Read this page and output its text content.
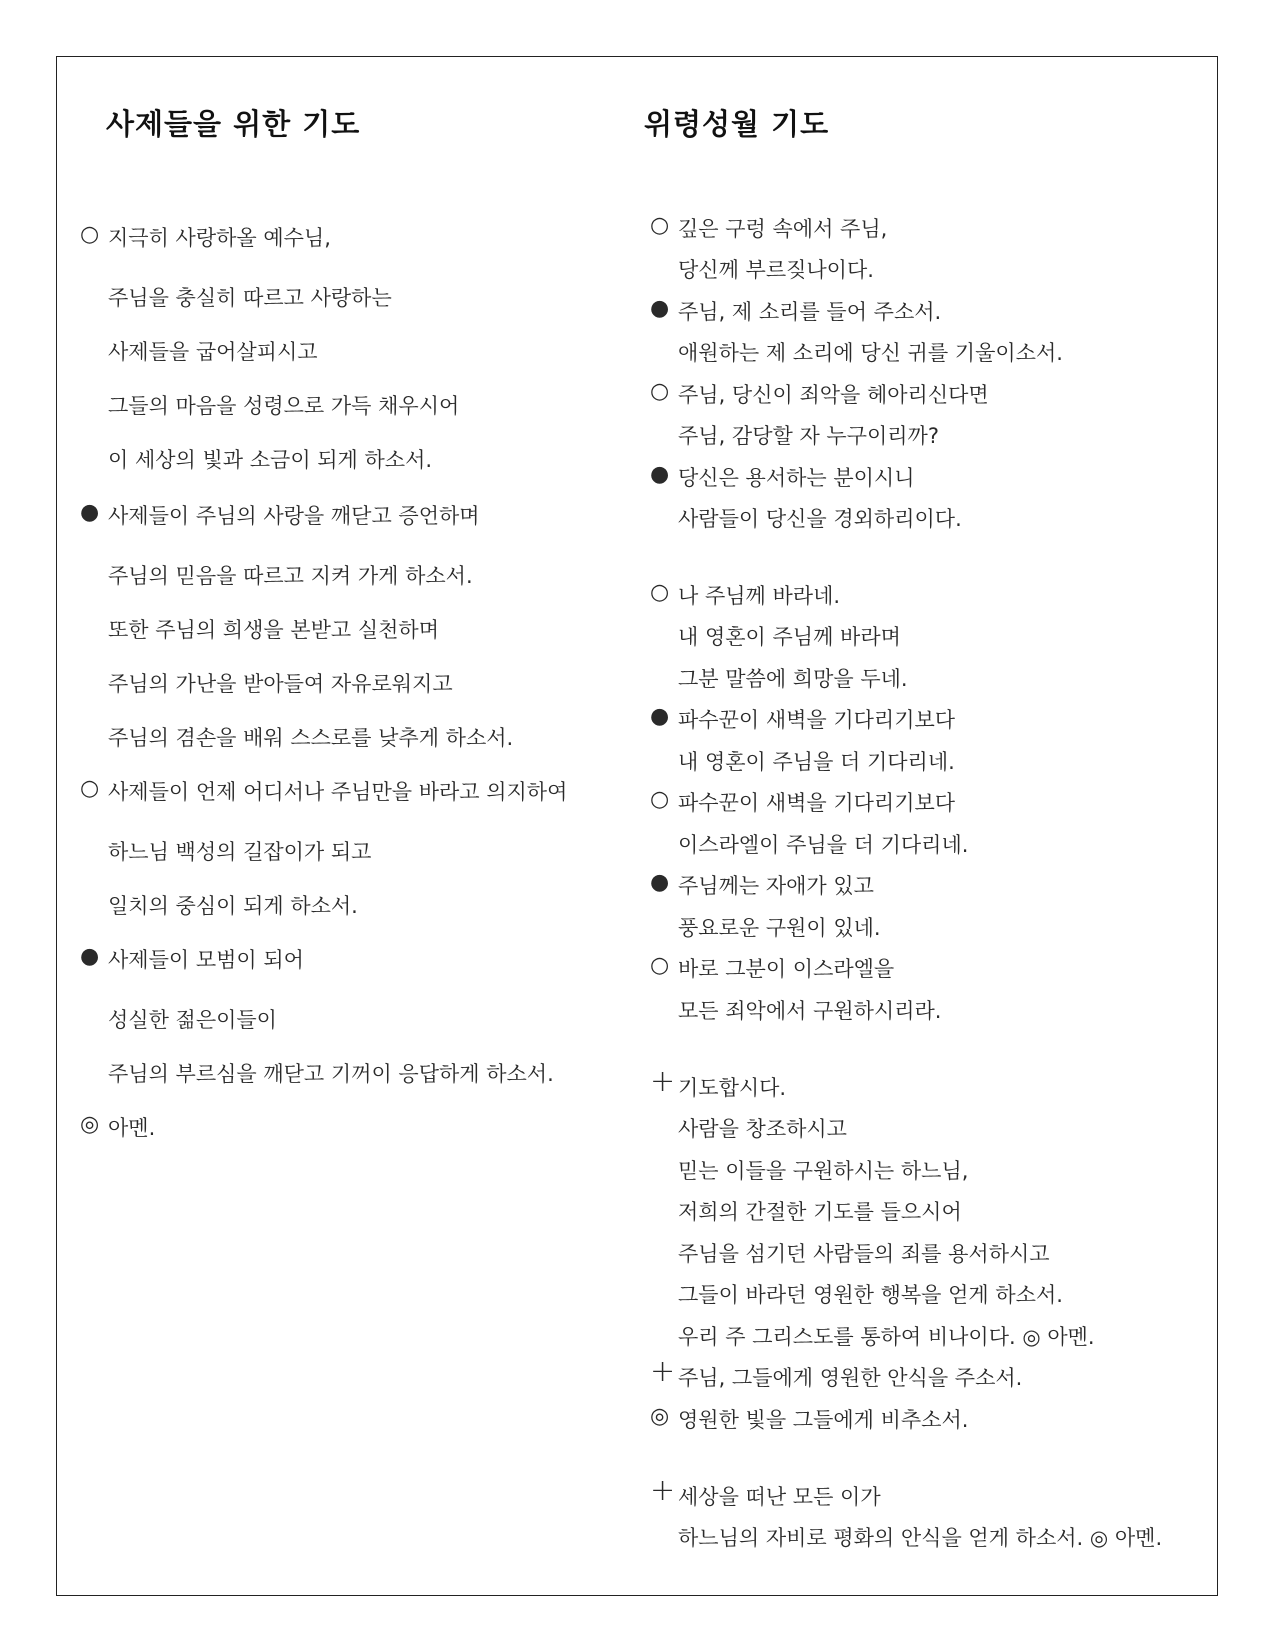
사제들을 위한 기도	위령성월 기도
○ 지극히 사랑하올 예수님,
주님을 충실히 따르고 사랑하는
사제들을 굽어살피시고
그들의 마음을 성령으로 가득 채우시어
이 세상의 빛과 소금이 되게 하소서.
● 사제들이 주님의 사랑을 깨닫고 증언하며
주님의 믿음을 따르고 지켜 가게 하소서.
또한 주님의 희생을 본받고 실천하며
주님의 가난을 받아들여 자유로워지고
주님의 겸손을 배워 스스로를 낮추게 하소서.
○ 사제들이 언제 어디서나 주님만을 바라고 의지하여
하느님 백성의 길잡이가 되고
일치의 중심이 되게 하소서.
● 사제들이 모범이 되어
성실한 젊은이들이
주님의 부르심을 깨닫고 기꺼이 응답하게 하소서.
◎ 아멘.
○ 깊은 구렁 속에서 주님,
당신께 부르짖나이다.
● 주님, 제 소리를 들어 주소서.
애원하는 제 소리에 당신 귀를 기울이소서.
○ 주님, 당신이 죄악을 헤아리신다면
주님, 감당할 자 누구이리까?
● 당신은 용서하는 분이시니
사람들이 당신을 경외하리이다.
○ 나 주님께 바라네.
내 영혼이 주님께 바라며
그분 말씀에 희망을 두네.
● 파수꾼이 새벽을 기다리기보다
내 영혼이 주님을 더 기다리네.
○ 파수꾼이 새벽을 기다리기보다
이스라엘이 주님을 더 기다리네.
● 주님께는 자애가 있고
풍요로운 구원이 있네.
○ 바로 그분이 이스라엘을
모든 죄악에서 구원하시리라.
+ 기도합시다.
사람을 창조하시고
믿는 이들을 구원하시는 하느님,
저희의 간절한 기도를 들으시어
주님을 섬기던 사람들의 죄를 용서하시고
그들이 바라던 영원한 행복을 얻게 하소서.
우리 주 그리스도를 통하여 비나이다. ◎ 아멘.
+ 주님, 그들에게 영원한 안식을 주소서.
◎ 영원한 빛을 그들에게 비추소서.
+ 세상을 떠난 모든 이가
하느님의 자비로 평화의 안식을 얻게 하소서. ◎ 아멘.
